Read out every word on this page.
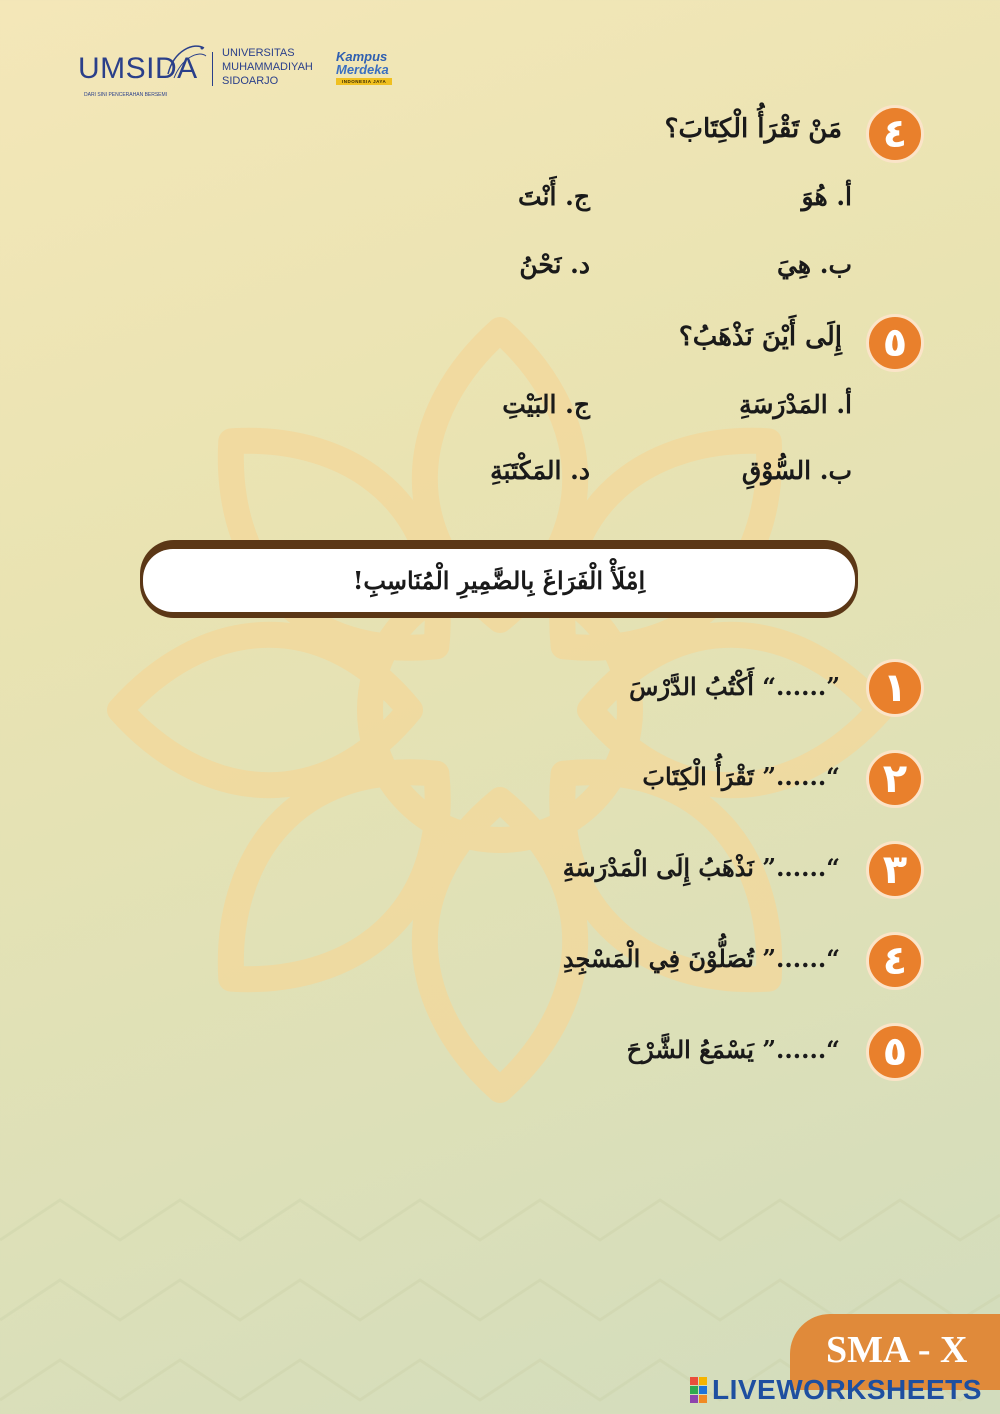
UMSIDA
DARI SINI PENCERAHAN BERSEMI
UNIVERSITAS
MUHAMMADIYAH
SIDOARJO
Kampus
Merdeka
INDONESIA JAYA
٤
مَنْ تَقْرَأُ الْكِتَابَ؟
أ. هُوَ
ج. أَنْتَ
ب. هِيَ
د. نَحْنُ
٥
إِلَى أَيْنَ نَذْهَبُ؟
أ. المَدْرَسَةِ
ج. البَيْتِ
ب. السُّوْقِ
د. المَكْتَبَةِ
اِمْلَأْ الْفَرَاغَ بِالضَّمِيرِ الْمُنَاسِبِ!
١
”......“ أَكْتُبُ الدَّرْسَ
٢
“......” تَقْرَأُ الْكِتَابَ
٣
“......” نَذْهَبُ إِلَى الْمَدْرَسَةِ
٤
“......” تُصَلُّوْنَ فِي الْمَسْجِدِ
٥
“......” يَسْمَعُ الشَّرْحَ
SMA - X
LIVEWORKSHEETS
